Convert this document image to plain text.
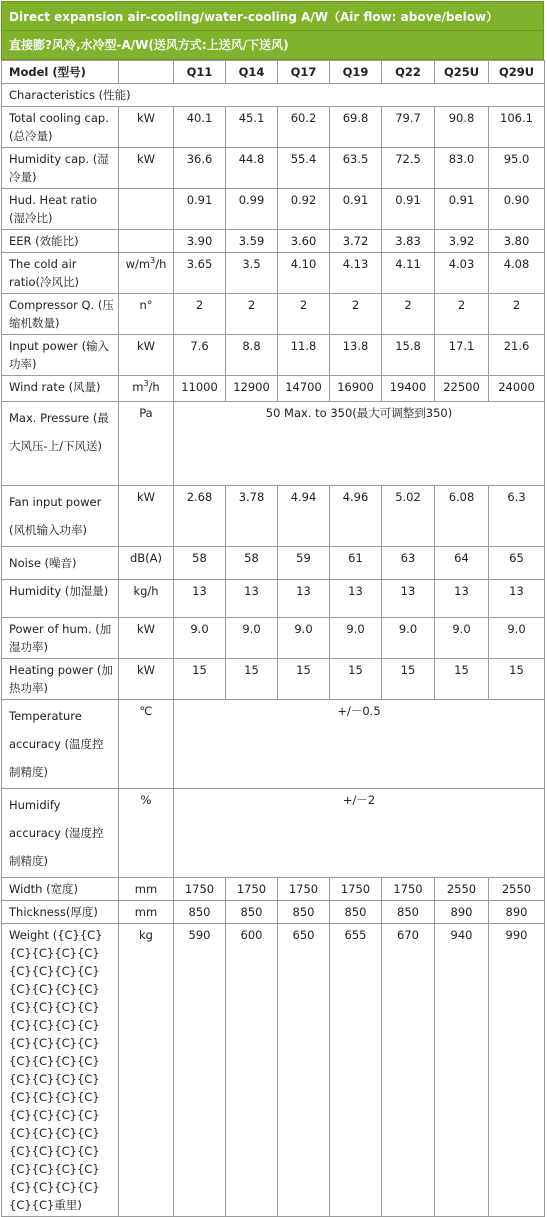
Direct expansion air-cooling/water-cooling A/W（Air flow: above/below）
直接膨?风冷,水冷型-A/W(送风方式:上送风/下送风)
Model (型号)		Q11	Q14	Q17	Q19	Q22	Q25U	Q29U
Characteristics (性能)								
Total cooling cap. (总冷量)	kW	40.1	45.1	60.2	69.8	79.7	90.8	106.1
Humidity cap. (湿冷量)	kW	36.6	44.8	55.4	63.5	72.5	83.0	95.0
Hud. Heat ratio (湿冷比)		0.91	0.99	0.92	0.91	0.91	0.91	0.90
EER (效能比)		3.90	3.59	3.60	3.72	3.83	3.92	3.80
The cold air ratio(冷风比)	$w/m^3/h$	3.65	3.5	4.10	4.13	4.11	4.03	4.08
Compressor Q. (压缩机数量)	n°	2	2	2	2	2	2	2
Input power (输入功率)	kW	7.6	8.8	11.8	13.8	15.8	17.1	21.6
Wind rate (风量)	$m^3/h$	11000	12900	14700	16900	19400	22500	24000
Max. Pressure (最大风压-上/下风送)	Pa	50 Max. to 350(最大可调整到350)						
Fan input power (风机输入功率)	kW	2.68	3.78	4.94	4.96	5.02	6.08	6.3
Noise (噪音)	dB(A)	58	58	59	61	63	64	65
Humidity (加湿量)	kg/h	13	13	13	13	13	13	13
Power of hum. (加湿功率)	kW	9.0	9.0	9.0	9.0	9.0	9.0	9.0
Heating power (加热功率)	kW	15	15	15	15	15	15	15
Temperature accuracy (温度控制精度)	℃	+/－0.5						
Humidify accuracy (湿度控制精度)	%	+/－2						
Width (宽度)	mm	1750	1750	1750	1750	1750	2550	2550
Thickness(厚度)	mm	850	850	850	850	850	890	890
Weight ({C}{C}{C}{C}{C}{C}{C}{C}{C}{C}{C}{C}{C}{C}{C}{C}{C}{C}{C}{C}{C}{C}{C}{C}{C}{C}{C}{C}{C}{C}{C}{C}{C}{C}{C}{C}{C}{C}{C}{C}{C}{C}{C}{C}{C}{C}{C}{C}{C}{C}{C}{C}{C}{C}{C}{C}{C}{C}{C}{C}重里)	kg	590	600	650	655	670	940	990
